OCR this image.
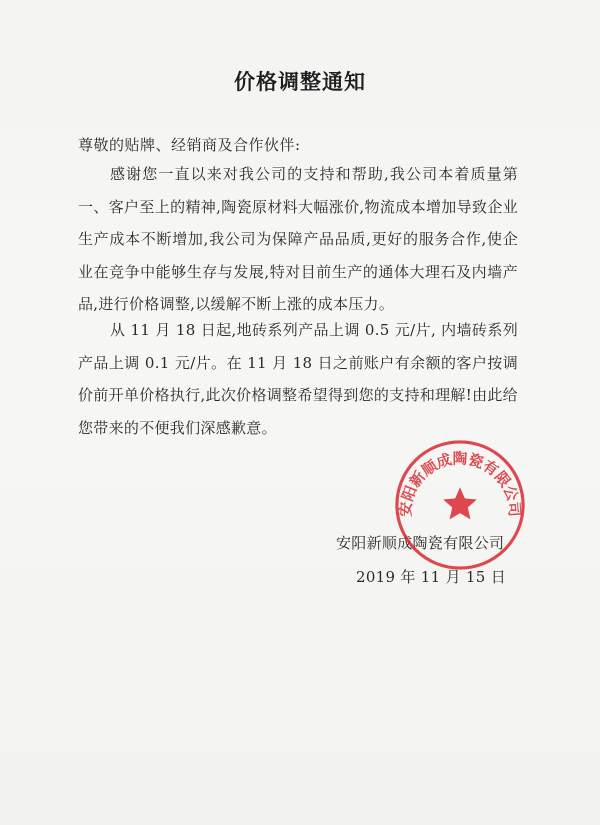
价格调整通知
尊敬的贴牌、经销商及合作伙伴:
感谢您一直以来对我公司的支持和帮助,我公司本着质量第一、客户至上的精神,陶瓷原材料大幅涨价,物流成本增加导致企业生产成本不断增加,我公司为保障产品品质,更好的服务合作,使企业在竞争中能够生存与发展,特对目前生产的通体大理石及内墙产品,进行价格调整,以缓解不断上涨的成本压力。
从 11 月 18 日起,地砖系列产品上调 0.5 元/片, 内墙砖系列产品上调 0.1 元/片。在 11 月 18 日之前账户有余额的客户按调价前开单价格执行,此次价格调整希望得到您的支持和理解!由此给您带来的不便我们深感歉意。
安阳新顺成陶瓷有限公司
2019 年 11 月 15 日
安阳新顺成陶瓷有限公司
